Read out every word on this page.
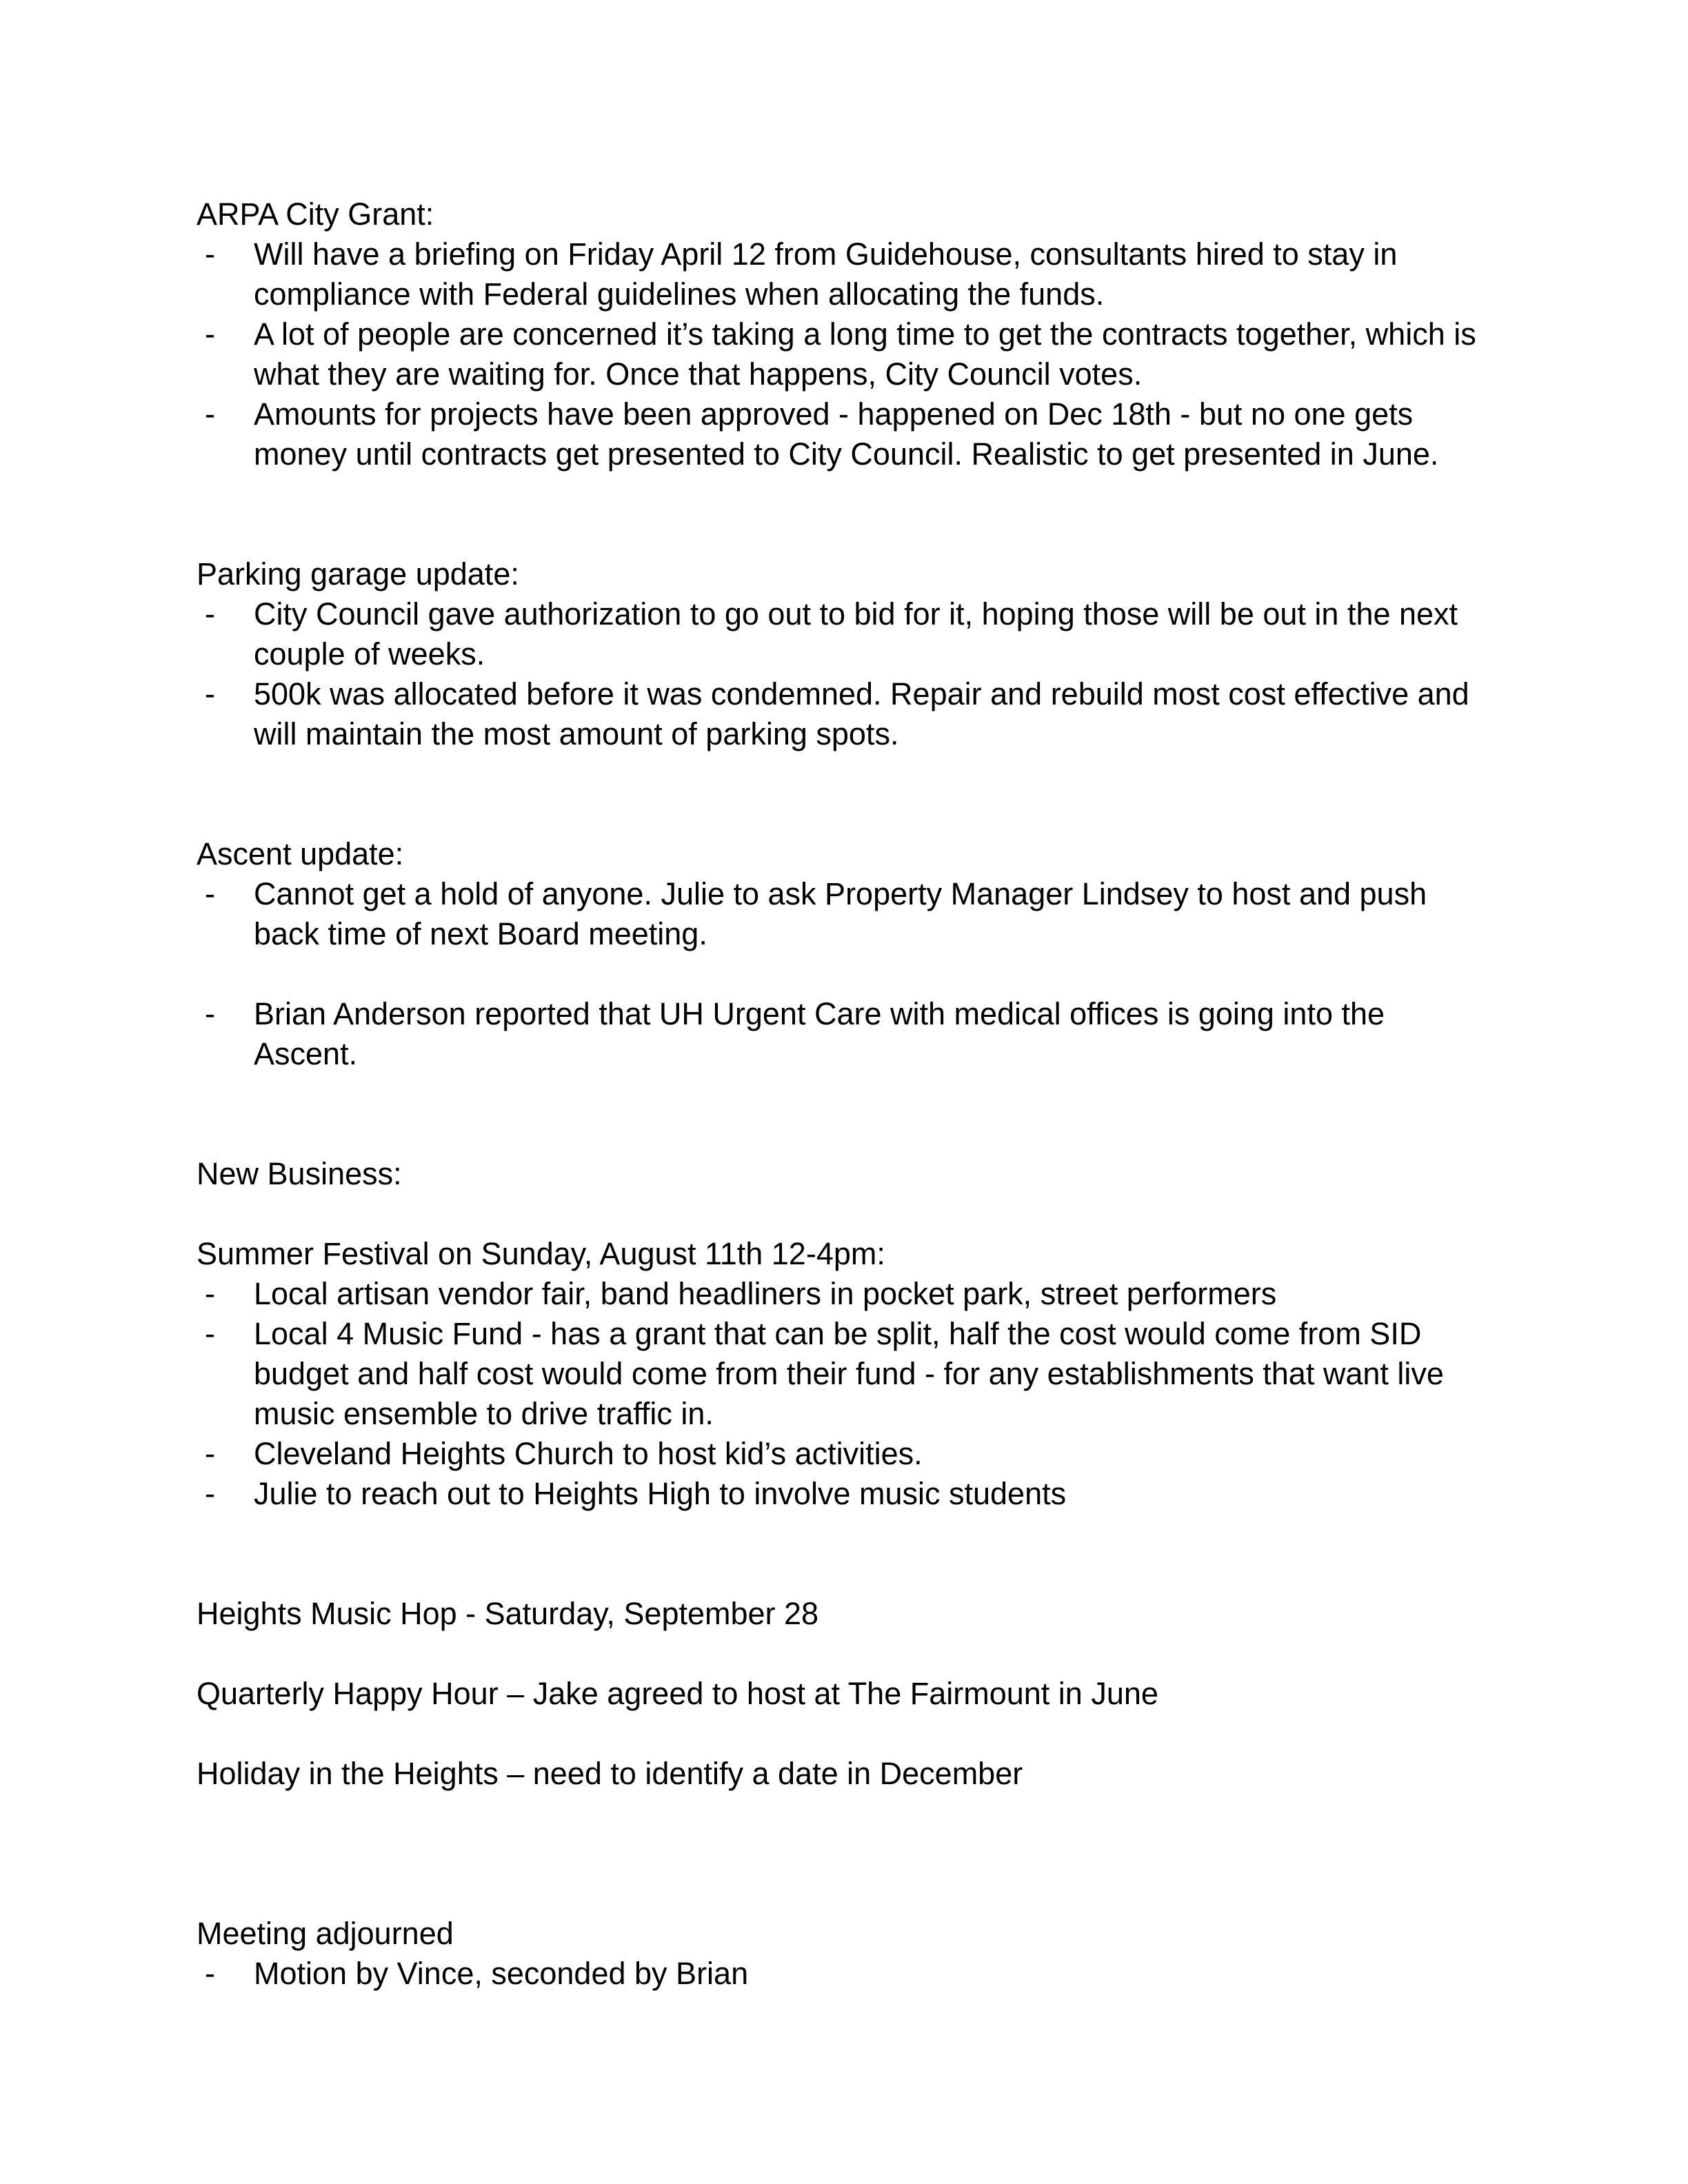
ARPA City Grant:

- Will have a briefing on Friday April 12 from Guidehouse, consultants hired to stay in compliance with Federal guidelines when allocating the funds.
- A lot of people are concerned it’s taking a long time to get the contracts together, which is what they are waiting for. Once that happens, City Council votes.
- Amounts for projects have been approved - happened on Dec 18th - but no one gets money until contracts get presented to City Council. Realistic to get presented in June.

Parking garage update:

- City Council gave authorization to go out to bid for it, hoping those will be out in the next couple of weeks.
- 500k was allocated before it was condemned. Repair and rebuild most cost effective and will maintain the most amount of parking spots.

Ascent update:

- Cannot get a hold of anyone. Julie to ask Property Manager Lindsey to host and push back time of next Board meeting.
- Brian Anderson reported that UH Urgent Care with medical offices is going into the Ascent.

New Business:

Summer Festival on Sunday, August 11th 12-4pm:

- Local artisan vendor fair, band headliners in pocket park, street performers
- Local 4 Music Fund - has a grant that can be split, half the cost would come from SID budget and half cost would come from their fund - for any establishments that want live music ensemble to drive traffic in.
- Cleveland Heights Church to host kid’s activities.
- Julie to reach out to Heights High to involve music students

Heights Music Hop - Saturday, September 28

Quarterly Happy Hour – Jake agreed to host at The Fairmount in June

Holiday in the Heights – need to identify a date in December

Meeting adjourned

- Motion by Vince, seconded by Brian
